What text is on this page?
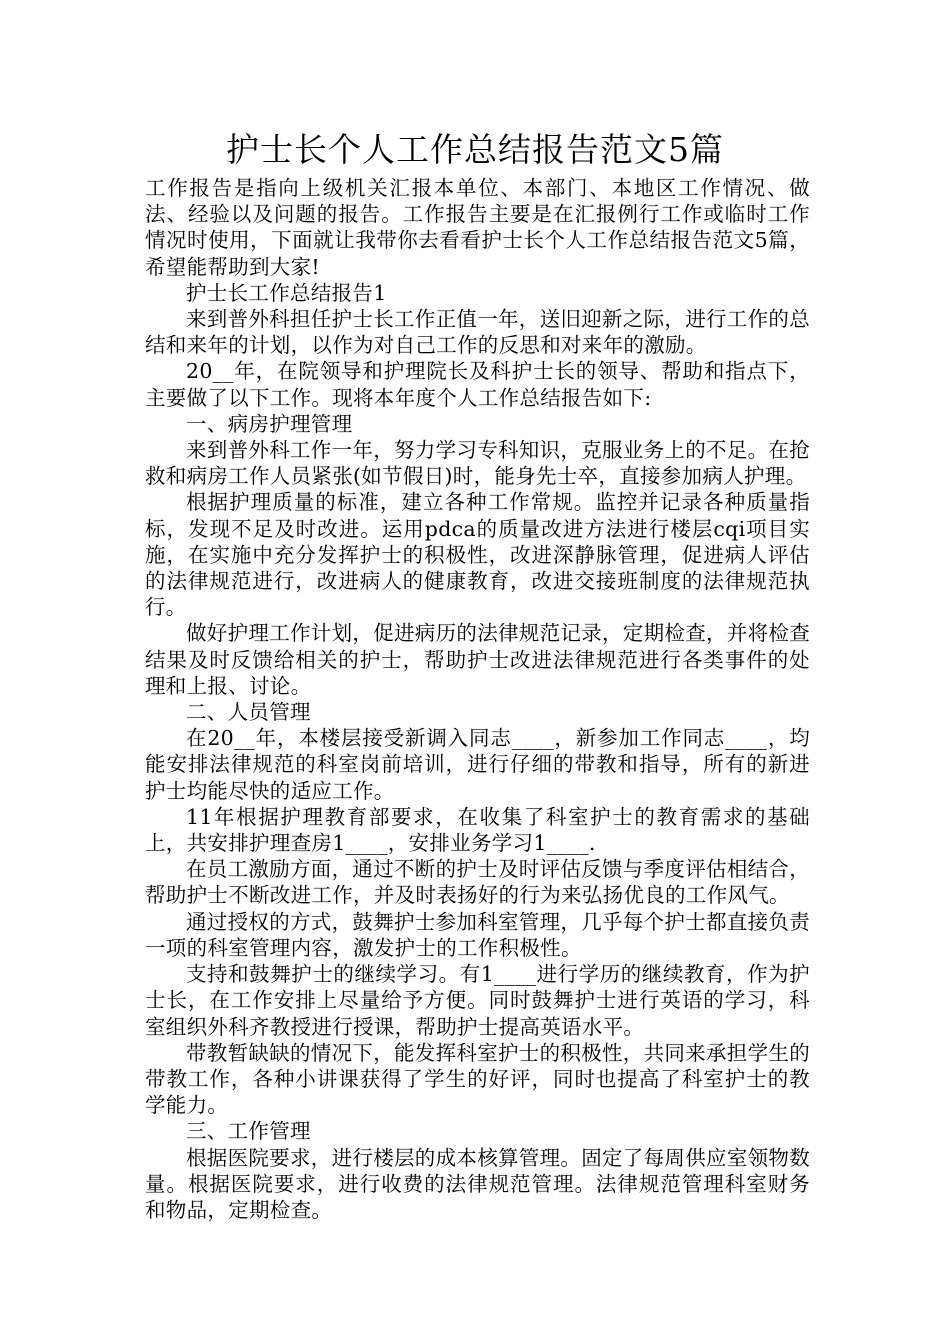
护士长个人工作总结报告范文5篇

工作报告是指向上级机关汇报本单位、本部门、本地区工作情况、做法、经验以及问题的报告。工作报告主要是在汇报例行工作或临时工作情况时使用，下面就让我带你去看看护士长个人工作总结报告范文5篇，希望能帮助到大家!

护士长工作总结报告1

来到普外科担任护士长工作正值一年，送旧迎新之际，进行工作的总结和来年的计划，以作为对自己工作的反思和对来年的激励。

20__年，在院领导和护理院长及科护士长的领导、帮助和指点下，主要做了以下工作。现将本年度个人工作总结报告如下:

一、病房护理管理

来到普外科工作一年，努力学习专科知识，克服业务上的不足。在抢救和病房工作人员紧张(如节假日)时，能身先士卒，直接参加病人护理。

根据护理质量的标准，建立各种工作常规。监控并记录各种质量指标，发现不足及时改进。运用pdca的质量改进方法进行楼层cqi项目实施，在实施中充分发挥护士的积极性，改进深静脉管理，促进病人评估的法律规范进行，改进病人的健康教育，改进交接班制度的法律规范执行。

做好护理工作计划，促进病历的法律规范记录，定期检查，并将检查结果及时反馈给相关的护士，帮助护士改进法律规范进行各类事件的处理和上报、讨论。

二、人员管理

在20__年，本楼层接受新调入同志____，新参加工作同志____，均能安排法律规范的科室岗前培训，进行仔细的带教和指导，所有的新进护士均能尽快的适应工作。

11年根据护理教育部要求，在收集了科室护士的教育需求的基础上，共安排护理查房1____，安排业务学习1____.

在员工激励方面，通过不断的护士及时评估反馈与季度评估相结合，帮助护士不断改进工作，并及时表扬好的行为来弘扬优良的工作风气。

通过授权的方式，鼓舞护士参加科室管理，几乎每个护士都直接负责一项的科室管理内容，激发护士的工作积极性。

支持和鼓舞护士的继续学习。有1____进行学历的继续教育，作为护士长，在工作安排上尽量给予方便。同时鼓舞护士进行英语的学习，科室组织外科齐教授进行授课，帮助护士提高英语水平。

带教暂缺缺的情况下，能发挥科室护士的积极性，共同来承担学生的带教工作，各种小讲课获得了学生的好评，同时也提高了科室护士的教学能力。

三、工作管理

根据医院要求，进行楼层的成本核算管理。固定了每周供应室领物数量。根据医院要求，进行收费的法律规范管理。法律规范管理科室财务和物品，定期检查。
